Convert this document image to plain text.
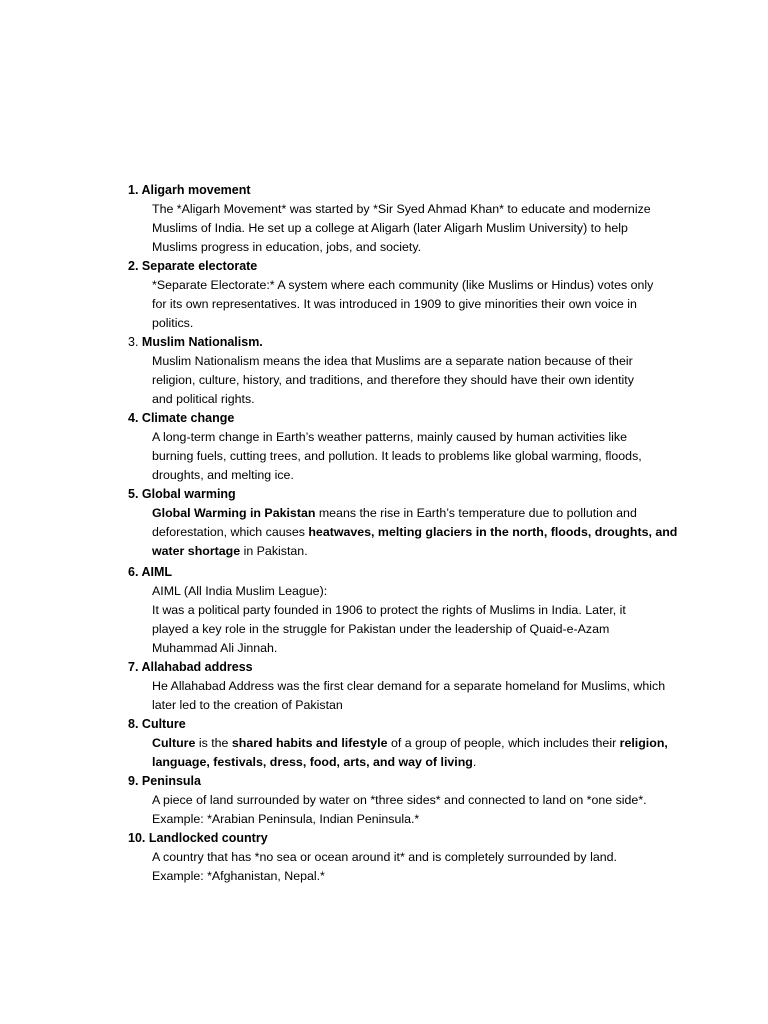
1. Aligarh movement
The *Aligarh Movement* was started by *Sir Syed Ahmad Khan* to educate and modernize
Muslims of India. He set up a college at Aligarh (later Aligarh Muslim University) to help
Muslims progress in education, jobs, and society.
2. Separate electorate
*Separate Electorate:* A system where each community (like Muslims or Hindus) votes only
for its own representatives. It was introduced in 1909 to give minorities their own voice in
politics.
3. Muslim Nationalism.
Muslim Nationalism means the idea that Muslims are a separate nation because of their
religion, culture, history, and traditions, and therefore they should have their own identity
and political rights.
4. Climate change
A long-term change in Earth’s weather patterns, mainly caused by human activities like
burning fuels, cutting trees, and pollution. It leads to problems like global warming, floods,
droughts, and melting ice.
5. Global warming
Global Warming in Pakistan means the rise in Earth’s temperature due to pollution and
deforestation, which causes heatwaves, melting glaciers in the north, floods, droughts, and
water shortage in Pakistan.
6. AIML
AIML (All India Muslim League):
It was a political party founded in 1906 to protect the rights of Muslims in India. Later, it
played a key role in the struggle for Pakistan under the leadership of Quaid-e-Azam
Muhammad Ali Jinnah.
7. Allahabad address
He Allahabad Address was the first clear demand for a separate homeland for Muslims, which
later led to the creation of Pakistan
8. Culture
Culture is the shared habits and lifestyle of a group of people, which includes their religion,
language, festivals, dress, food, arts, and way of living.
9. Peninsula
A piece of land surrounded by water on *three sides* and connected to land on *one side*.
Example: *Arabian Peninsula, Indian Peninsula.*
10. Landlocked country
A country that has *no sea or ocean around it* and is completely surrounded by land.
Example: *Afghanistan, Nepal.*
